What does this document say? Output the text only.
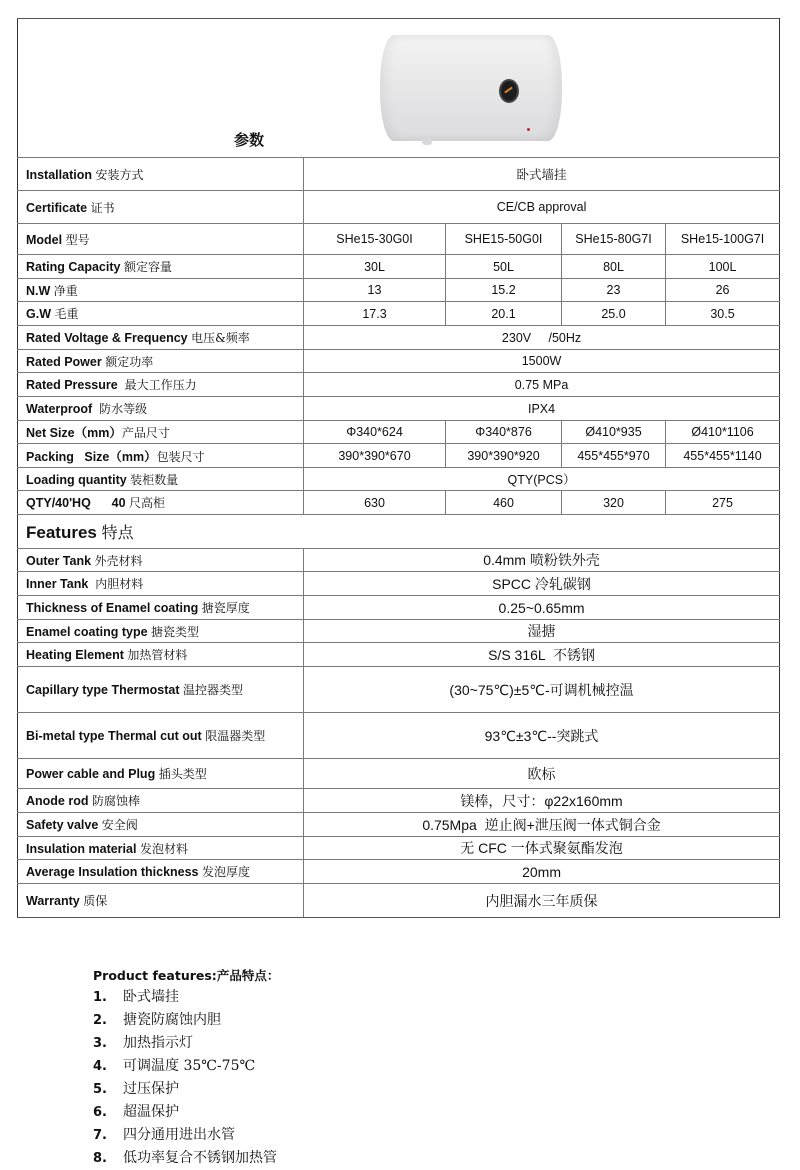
参数				

Installation 安装方式	卧式墙挂			
Certificate 证书	CE/CB approval			
Model 型号	SHe15-30G0I	SHE15-50G0I	SHe15-80G7I	SHe15-100G7I
Rating Capacity 额定容量	30L	50L	80L	100L
N.W 净重	13	15.2	23	26
G.W 毛重	17.3	20.1	25.0	30.5
Rated Voltage & Frequency 电压&频率	230V     /50Hz			
Rated Power 额定功率	1500W			
Rated Pressure  最大工作压力	0.75 MPa			
Waterproof  防水等级	IPX4			
Net Size（mm）产品尺寸	Φ340*624	Φ340*876	Ø410*935	Ø410*1106
Packing   Size（mm）包装尺寸	390*390*670	390*390*920	455*455*970	455*455*1140
Loading quantity 装柜数量	QTY(PCS）			
QTY/40'HQ      40 尺高柜	630	460	320	275
Features 特点				
Outer Tank 外壳材料	0.4mm 喷粉铁外壳			
Inner Tank  内胆材料	SPCC 冷轧碳钢			
Thickness of Enamel coating 搪瓷厚度	0.25~0.65mm			
Enamel coating type 搪瓷类型	湿搪			
Heating Element 加热管材料	S/S 316L  不锈钢			
Capillary type Thermostat 温控器类型	(30~75℃)±5℃-可调机械控温			
Bi-metal type Thermal cut out 限温器类型	93℃±3℃--突跳式			
Power cable and Plug 插头类型	欧标			
Anode rod 防腐蚀棒	镁棒，尺寸：φ22x160mm			
Safety valve 安全阀	0.75Mpa  逆止阀+泄压阀一体式铜合金			
Insulation material 发泡材料	无 CFC 一体式聚氨酯发泡			
Average Insulation thickness 发泡厚度	20mm			
Warranty 质保	内胆漏水三年质保			
Product features:产品特点：
1.	卧式墙挂
2.	搪瓷防腐蚀内胆
3.	加热指示灯
4.	可调温度 35℃-75℃
5.	过压保护
6.	超温保护
7.	四分通用进出水管
8.	低功率复合不锈钢加热管
